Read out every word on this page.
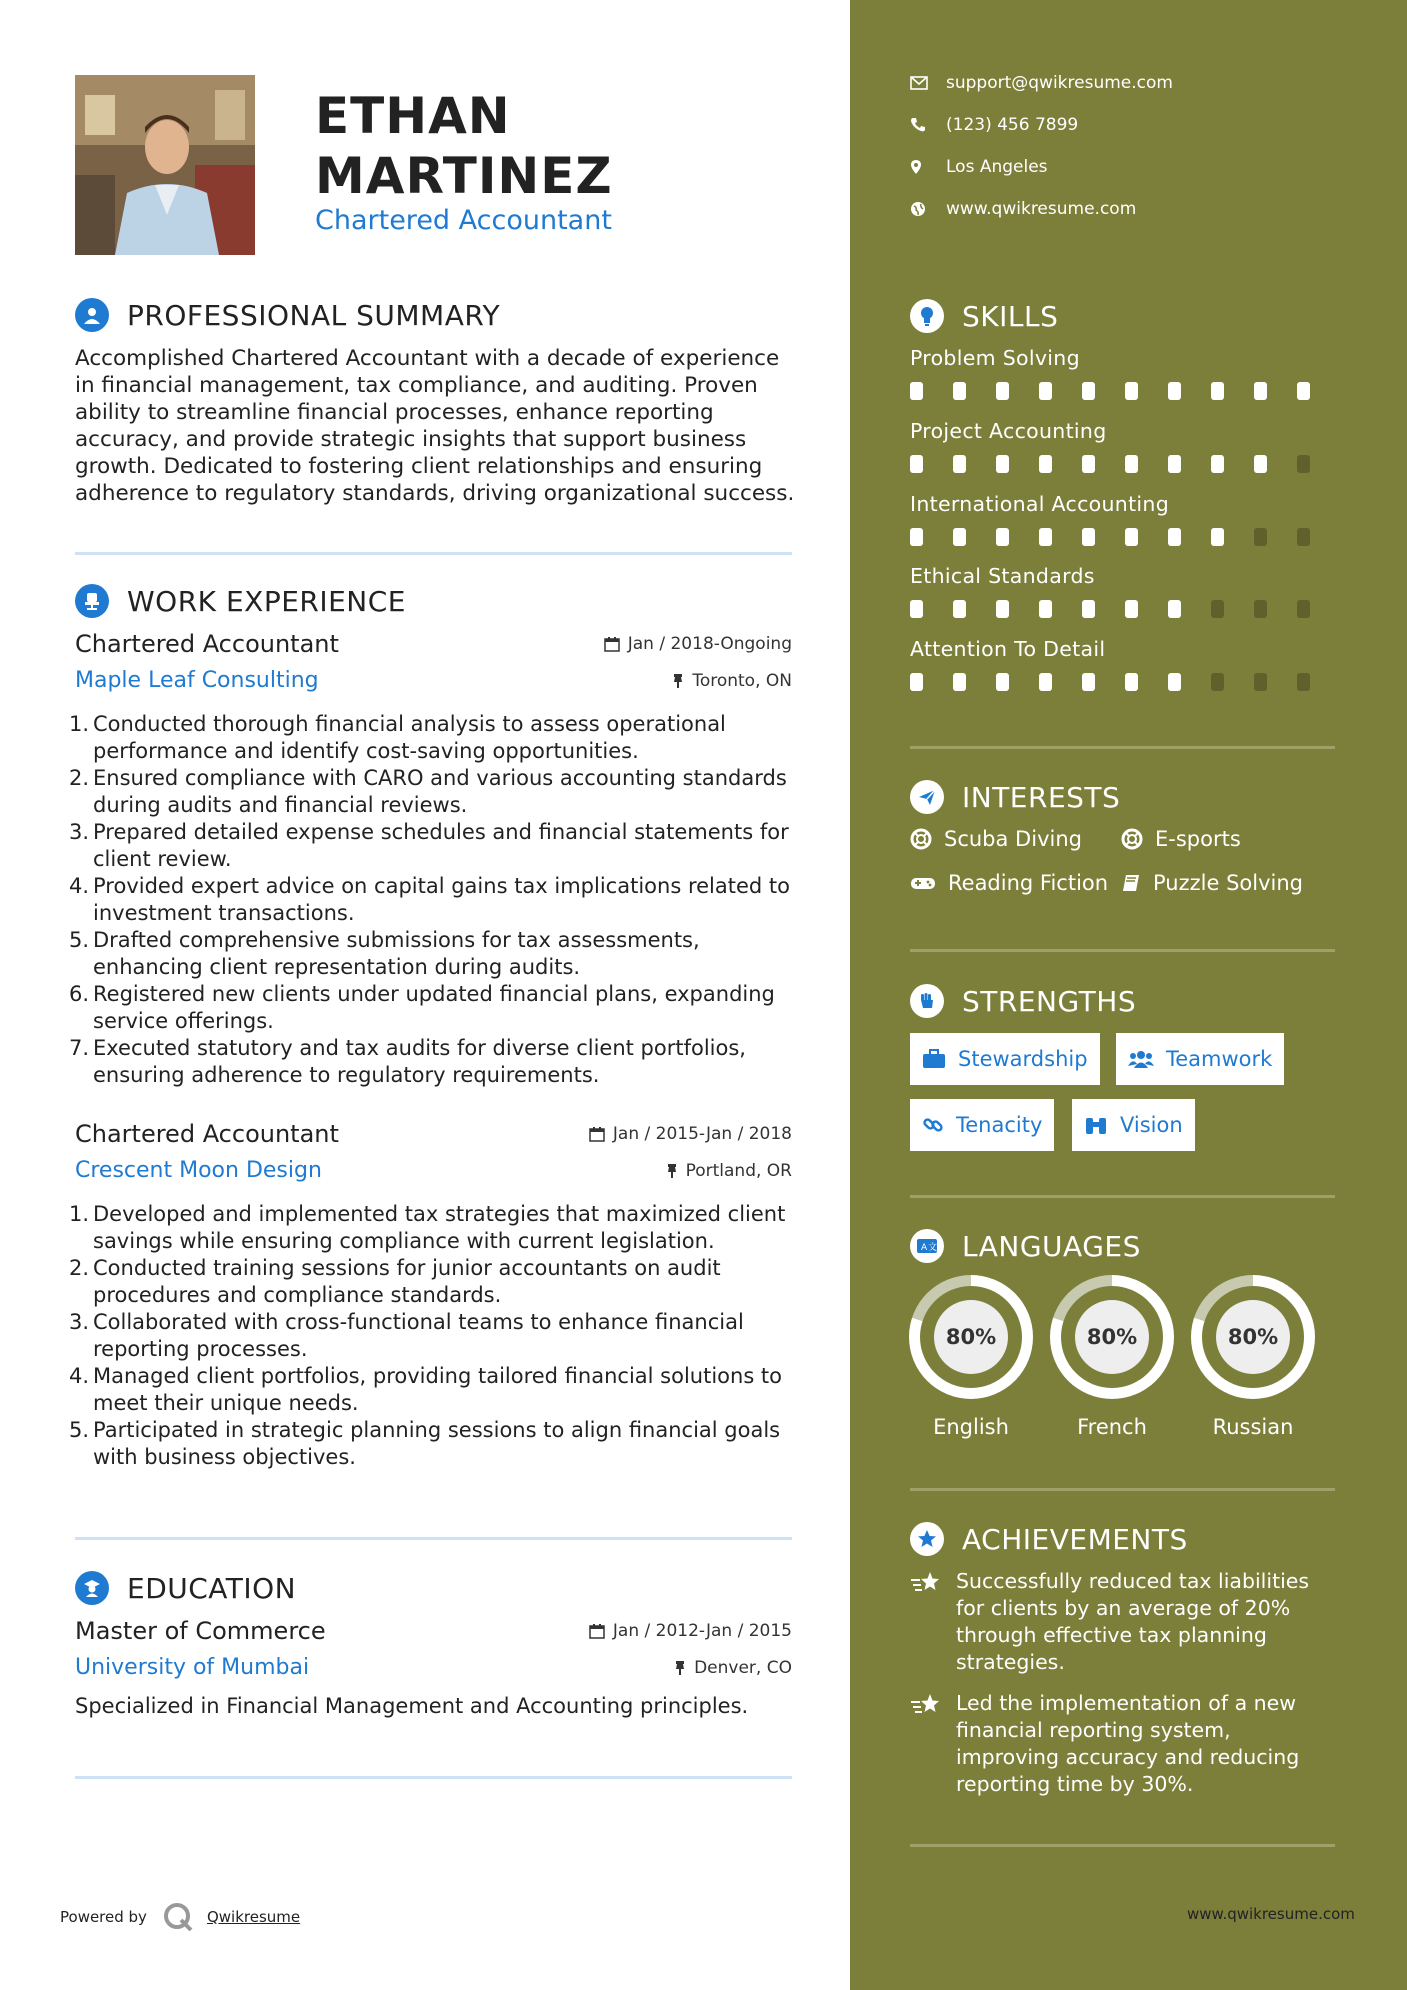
ETHAN
MARTINEZ
Chartered Accountant
PROFESSIONAL SUMMARY
Accomplished Chartered Accountant with a decade of experience in financial management, tax compliance, and auditing. Proven ability to streamline financial processes, enhance reporting accuracy, and provide strategic insights that support business growth. Dedicated to fostering client relationships and ensuring adherence to regulatory standards, driving organizational success.
WORK EXPERIENCE
Chartered Accountant	Jan / 2018-Ongoing
Maple Leaf Consulting	Toronto, ON
1. Conducted thorough financial analysis to assess operational performance and identify cost-saving opportunities.
2. Ensured compliance with CARO and various accounting standards during audits and financial reviews.
3. Prepared detailed expense schedules and financial statements for client review.
4. Provided expert advice on capital gains tax implications related to investment transactions.
5. Drafted comprehensive submissions for tax assessments, enhancing client representation during audits.
6. Registered new clients under updated financial plans, expanding service offerings.
7. Executed statutory and tax audits for diverse client portfolios, ensuring adherence to regulatory requirements.
Chartered Accountant	Jan / 2015-Jan / 2018
Crescent Moon Design	Portland, OR
1. Developed and implemented tax strategies that maximized client savings while ensuring compliance with current legislation.
2. Conducted training sessions for junior accountants on audit procedures and compliance standards.
3. Collaborated with cross-functional teams to enhance financial reporting processes.
4. Managed client portfolios, providing tailored financial solutions to meet their unique needs.
5. Participated in strategic planning sessions to align financial goals with business objectives.
EDUCATION
Master of Commerce	Jan / 2012-Jan / 2015
University of Mumbai	Denver, CO
Specialized in Financial Management and Accounting principles.
Powered by	Qwikresume
support@qwikresume.com
(123) 456 7899
Los Angeles
www.qwikresume.com
SKILLS
Problem Solving
Project Accounting
International Accounting
Ethical Standards
Attention To Detail
INTERESTS
Scuba Diving	E-sports
Reading Fiction Puzzle Solving
STRENGTHS
Stewardship	Teamwork
Tenacity	Vision
A 文 LANGUAGES
80%
English
80%
French
80%
Russian
ACHIEVEMENTS
Successfully reduced tax liabilities for clients by an average of 20% through effective tax planning strategies.
Led the implementation of a new financial reporting system, improving accuracy and reducing reporting time by 30%.
www.qwikresume.com
